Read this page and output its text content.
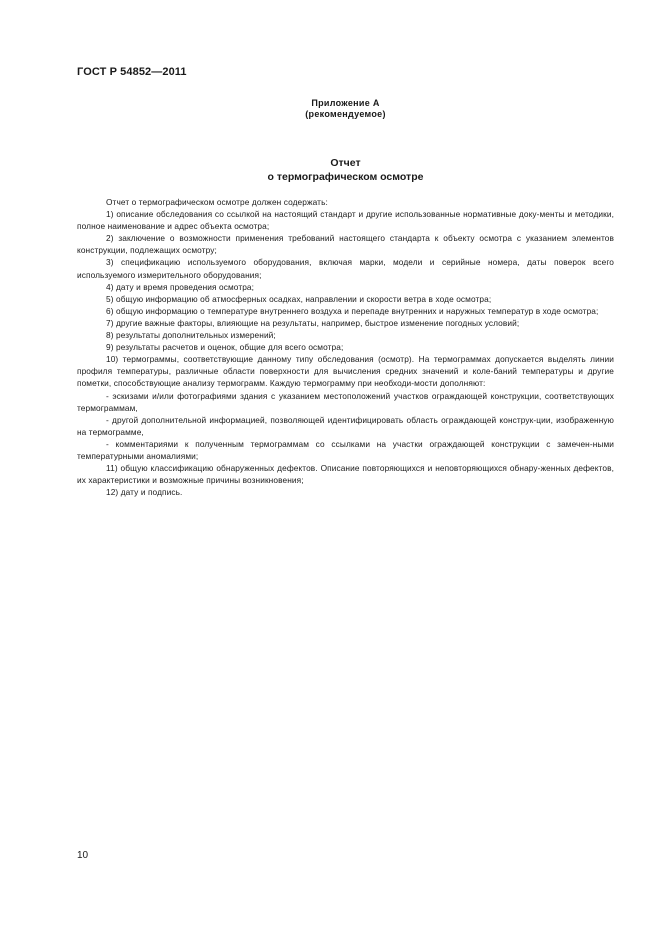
ГОСТ Р 54852—2011
Приложение А
(рекомендуемое)
Отчет
о термографическом осмотре

Отчет о термографическом осмотре должен содержать:

1) описание обследования со ссылкой на настоящий стандарт и другие использованные нормативные доку-менты и методики, полное наименование и адрес объекта осмотра;

2) заключение о возможности применения требований настоящего стандарта к объекту осмотра с указанием элементов конструкции, подлежащих осмотру;

3) спецификацию используемого оборудования, включая марки, модели и серийные номера, даты поверок всего используемого измерительного оборудования;

4) дату и время проведения осмотра;

5) общую информацию об атмосферных осадках, направлении и скорости ветра в ходе осмотра;

6) общую информацию о температуре внутреннего воздуха и перепаде внутренних и наружных температур в ходе осмотра;

7) другие важные факторы, влияющие на результаты, например, быстрое изменение погодных условий;

8) результаты дополнительных измерений;

9) результаты расчетов и оценок, общие для всего осмотра;

10) термограммы, соответствующие данному типу обследования (осмотр). На термограммах допускается выделять линии профиля температуры, различные области поверхности для вычисления средних значений и коле-баний температуры и другие пометки, способствующие анализу термограмм. Каждую термограмму при необходи-мости дополняют:

- эскизами и/или фотографиями здания с указанием местоположений участков ограждающей конструкции, соответствующих термограммам,

- другой дополнительной информацией, позволяющей идентифицировать область ограждающей конструк-ции, изображенную на термограмме,

- комментариями к полученным термограммам со ссылками на участки ограждающей конструкции с замечен-ными температурными аномалиями;

11) общую классификацию обнаруженных дефектов. Описание повторяющихся и неповторяющихся обнару-женных дефектов, их характеристики и возможные причины возникновения;

12) дату и подпись.

10
